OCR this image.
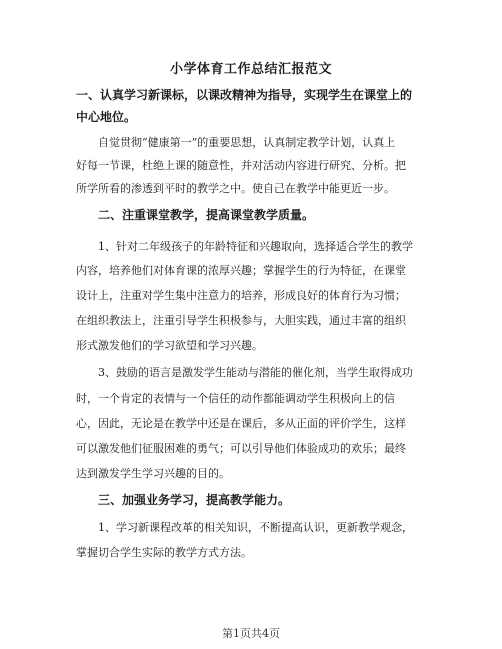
小学体育工作总结汇报范文
一、认真学习新课标，以课改精神为指导，实现学生在课堂上的
中心地位。
自觉贯彻“健康第一”的重要思想，认真制定教学计划，认真上
好每一节课，杜绝上课的随意性，并对活动内容进行研究、分析。把
所学所看的渗透到平时的教学之中。使自己在教学中能更近一步。
二、注重课堂教学，提高课堂教学质量。
1、针对二年级孩子的年龄特征和兴趣取向，选择适合学生的教学
内容，培养他们对体育课的浓厚兴趣；掌握学生的行为特征，在课堂
设计上，注重对学生集中注意力的培养，形成良好的体育行为习惯；
在组织教法上，注重引导学生积极参与，大胆实践，通过丰富的组织
形式激发他们的学习欲望和学习兴趣。
3、鼓励的语言是激发学生能动与潜能的催化剂，当学生取得成功
时，一个肯定的表情与一个信任的动作都能调动学生积极向上的信
心，因此，无论是在教学中还是在课后，多从正面的评价学生，这样
可以激发他们征服困难的勇气；可以引导他们体验成功的欢乐；最终
达到激发学生学习兴趣的目的。
三、加强业务学习，提高教学能力。
1、学习新课程改革的相关知识，不断提高认识，更新教学观念，
掌握切合学生实际的教学方式方法。
第1页共4页
